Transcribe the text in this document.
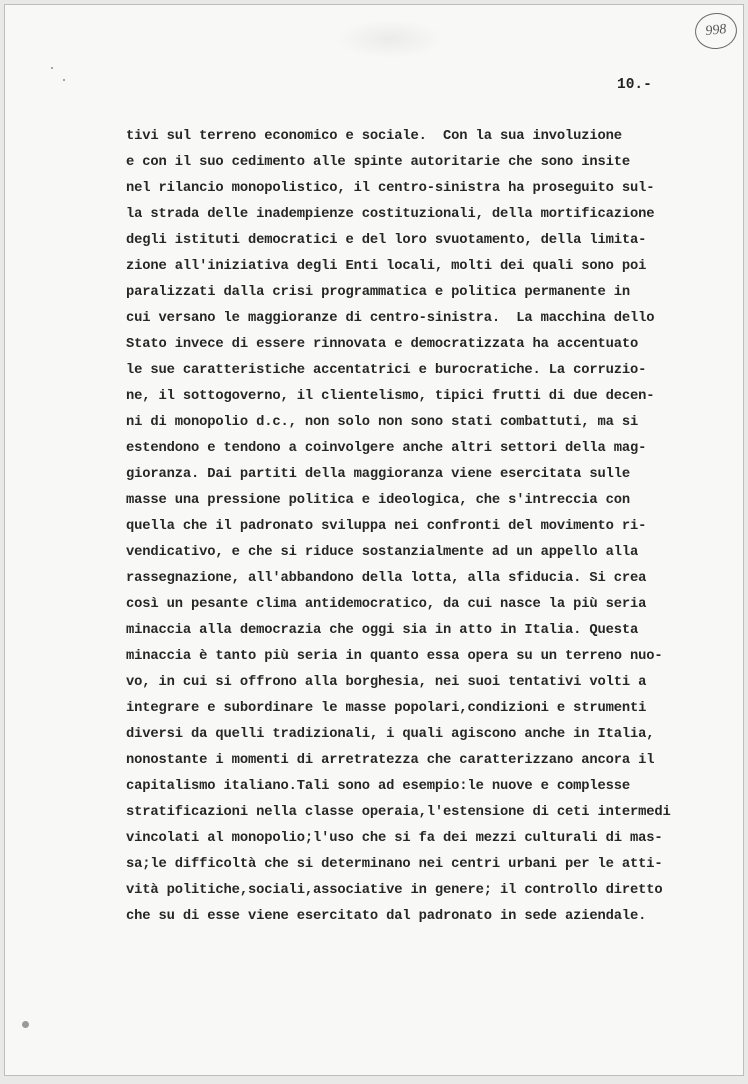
998
10.-
tivi sul terreno economico e sociale.  Con la sua involuzione
e con il suo cedimento alle spinte autoritarie che sono insite
nel rilancio monopolistico, il centro-sinistra ha proseguito sul-
la strada delle inadempienze costituzionali, della mortificazione
degli istituti democratici e del loro svuotamento, della limita-
zione all'iniziativa degli Enti locali, molti dei quali sono poi
paralizzati dalla crisi programmatica e politica permanente in
cui versano le maggioranze di centro-sinistra.  La macchina dello
Stato invece di essere rinnovata e democratizzata ha accentuato
le sue caratteristiche accentatrici e burocratiche. La corruzio-
ne, il sottogoverno, il clientelismo, tipici frutti di due decen-
ni di monopolio d.c., non solo non sono stati combattuti, ma si
estendono e tendono a coinvolgere anche altri settori della mag-
gioranza. Dai partiti della maggioranza viene esercitata sulle
masse una pressione politica e ideologica, che s'intreccia con
quella che il padronato sviluppa nei confronti del movimento ri-
vendicativo, e che si riduce sostanzialmente ad un appello alla
rassegnazione, all'abbandono della lotta, alla sfiducia. Si crea
così un pesante clima antidemocratico, da cui nasce la più seria
minaccia alla democrazia che oggi sia in atto in Italia. Questa
minaccia è tanto più seria in quanto essa opera su un terreno nuo-
vo, in cui si offrono alla borghesia, nei suoi tentativi volti a
integrare e subordinare le masse popolari,condizioni e strumenti
diversi da quelli tradizionali, i quali agiscono anche in Italia,
nonostante i momenti di arretratezza che caratterizzano ancora il
capitalismo italiano.Tali sono ad esempio:le nuove e complesse
stratificazioni nella classe operaia,l'estensione di ceti intermedi
vincolati al monopolio;l'uso che si fa dei mezzi culturali di mas-
sa;le difficoltà che si determinano nei centri urbani per le atti-
vità politiche,sociali,associative in genere; il controllo diretto
che su di esse viene esercitato dal padronato in sede aziendale.
